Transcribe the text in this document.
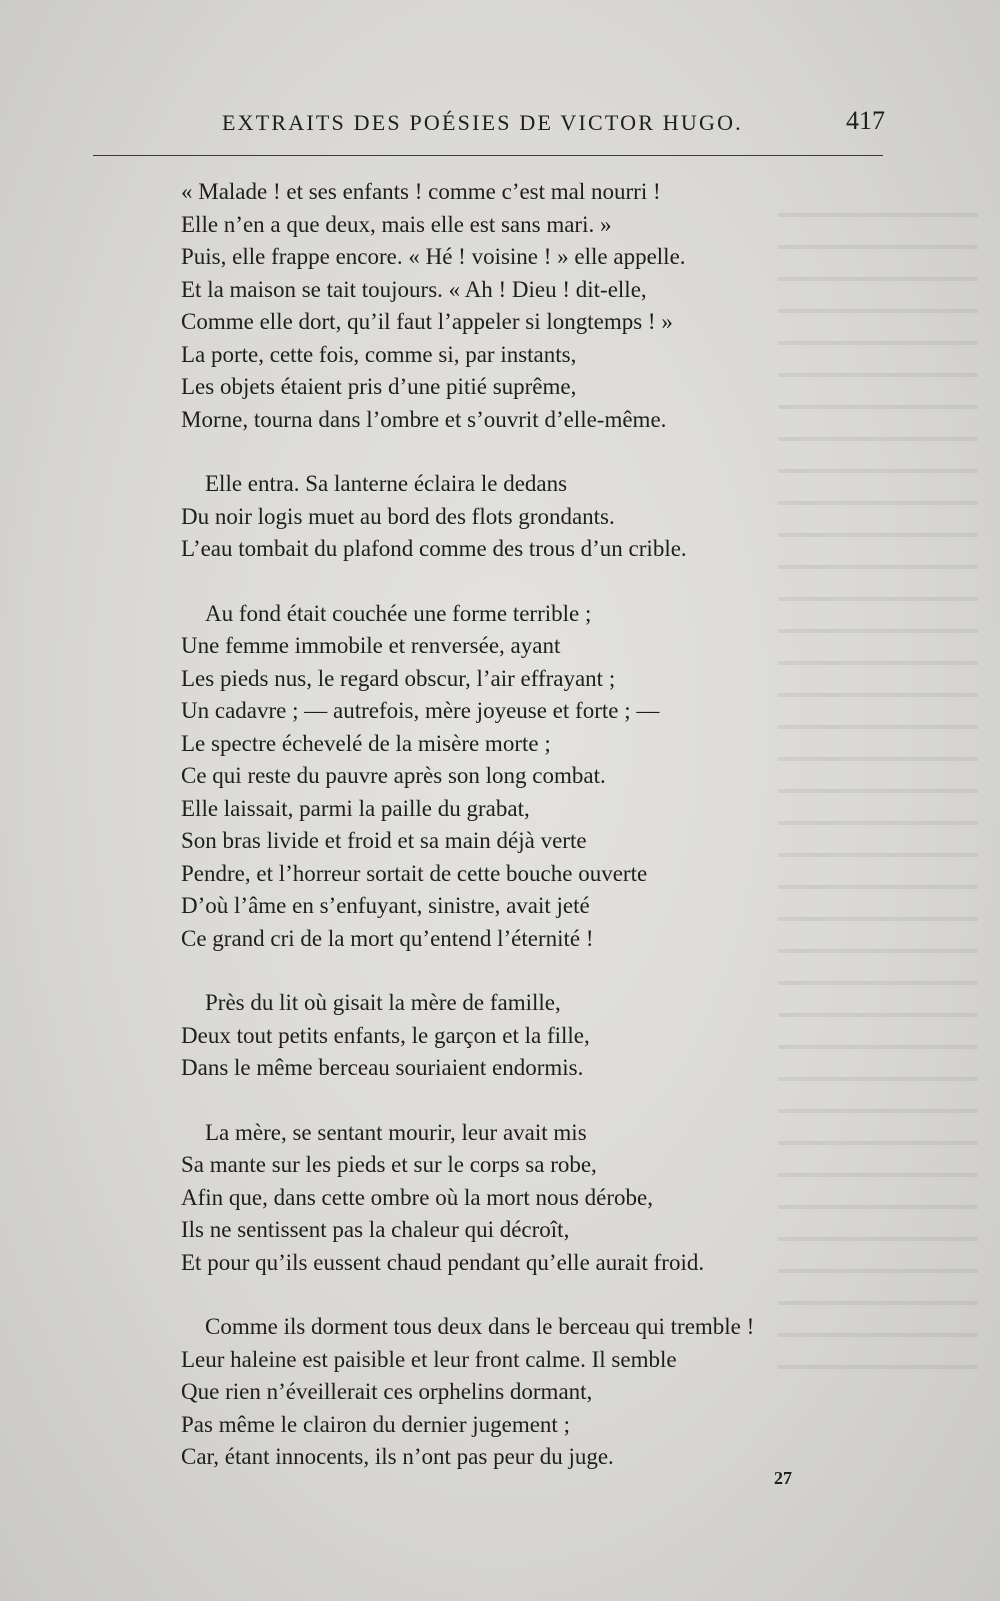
EXTRAITS DES POÉSIES DE VICTOR HUGO.	417
« Malade ! et ses enfants ! comme c’est mal nourri !
Elle n’en a que deux, mais elle est sans mari. »
Puis, elle frappe encore. « Hé ! voisine ! » elle appelle.
Et la maison se tait toujours. « Ah ! Dieu ! dit-elle,
Comme elle dort, qu’il faut l’appeler si longtemps ! »
La porte, cette fois, comme si, par instants,
Les objets étaient pris d’une pitié suprême,
Morne, tourna dans l’ombre et s’ouvrit d’elle-même.
Elle entra. Sa lanterne éclaira le dedans
Du noir logis muet au bord des flots grondants.
L’eau tombait du plafond comme des trous d’un crible.
Au fond était couchée une forme terrible ;
Une femme immobile et renversée, ayant
Les pieds nus, le regard obscur, l’air effrayant ;
Un cadavre ; — autrefois, mère joyeuse et forte ; —
Le spectre échevelé de la misère morte ;
Ce qui reste du pauvre après son long combat.
Elle laissait, parmi la paille du grabat,
Son bras livide et froid et sa main déjà verte
Pendre, et l’horreur sortait de cette bouche ouverte
D’où l’âme en s’enfuyant, sinistre, avait jeté
Ce grand cri de la mort qu’entend l’éternité !
Près du lit où gisait la mère de famille,
Deux tout petits enfants, le garçon et la fille,
Dans le même berceau souriaient endormis.
La mère, se sentant mourir, leur avait mis
Sa mante sur les pieds et sur le corps sa robe,
Afin que, dans cette ombre où la mort nous dérobe,
Ils ne sentissent pas la chaleur qui décroît,
Et pour qu’ils eussent chaud pendant qu’elle aurait froid.
Comme ils dorment tous deux dans le berceau qui tremble !
Leur haleine est paisible et leur front calme. Il semble
Que rien n’éveillerait ces orphelins dormant,
Pas même le clairon du dernier jugement ;
Car, étant innocents, ils n’ont pas peur du juge.
27
